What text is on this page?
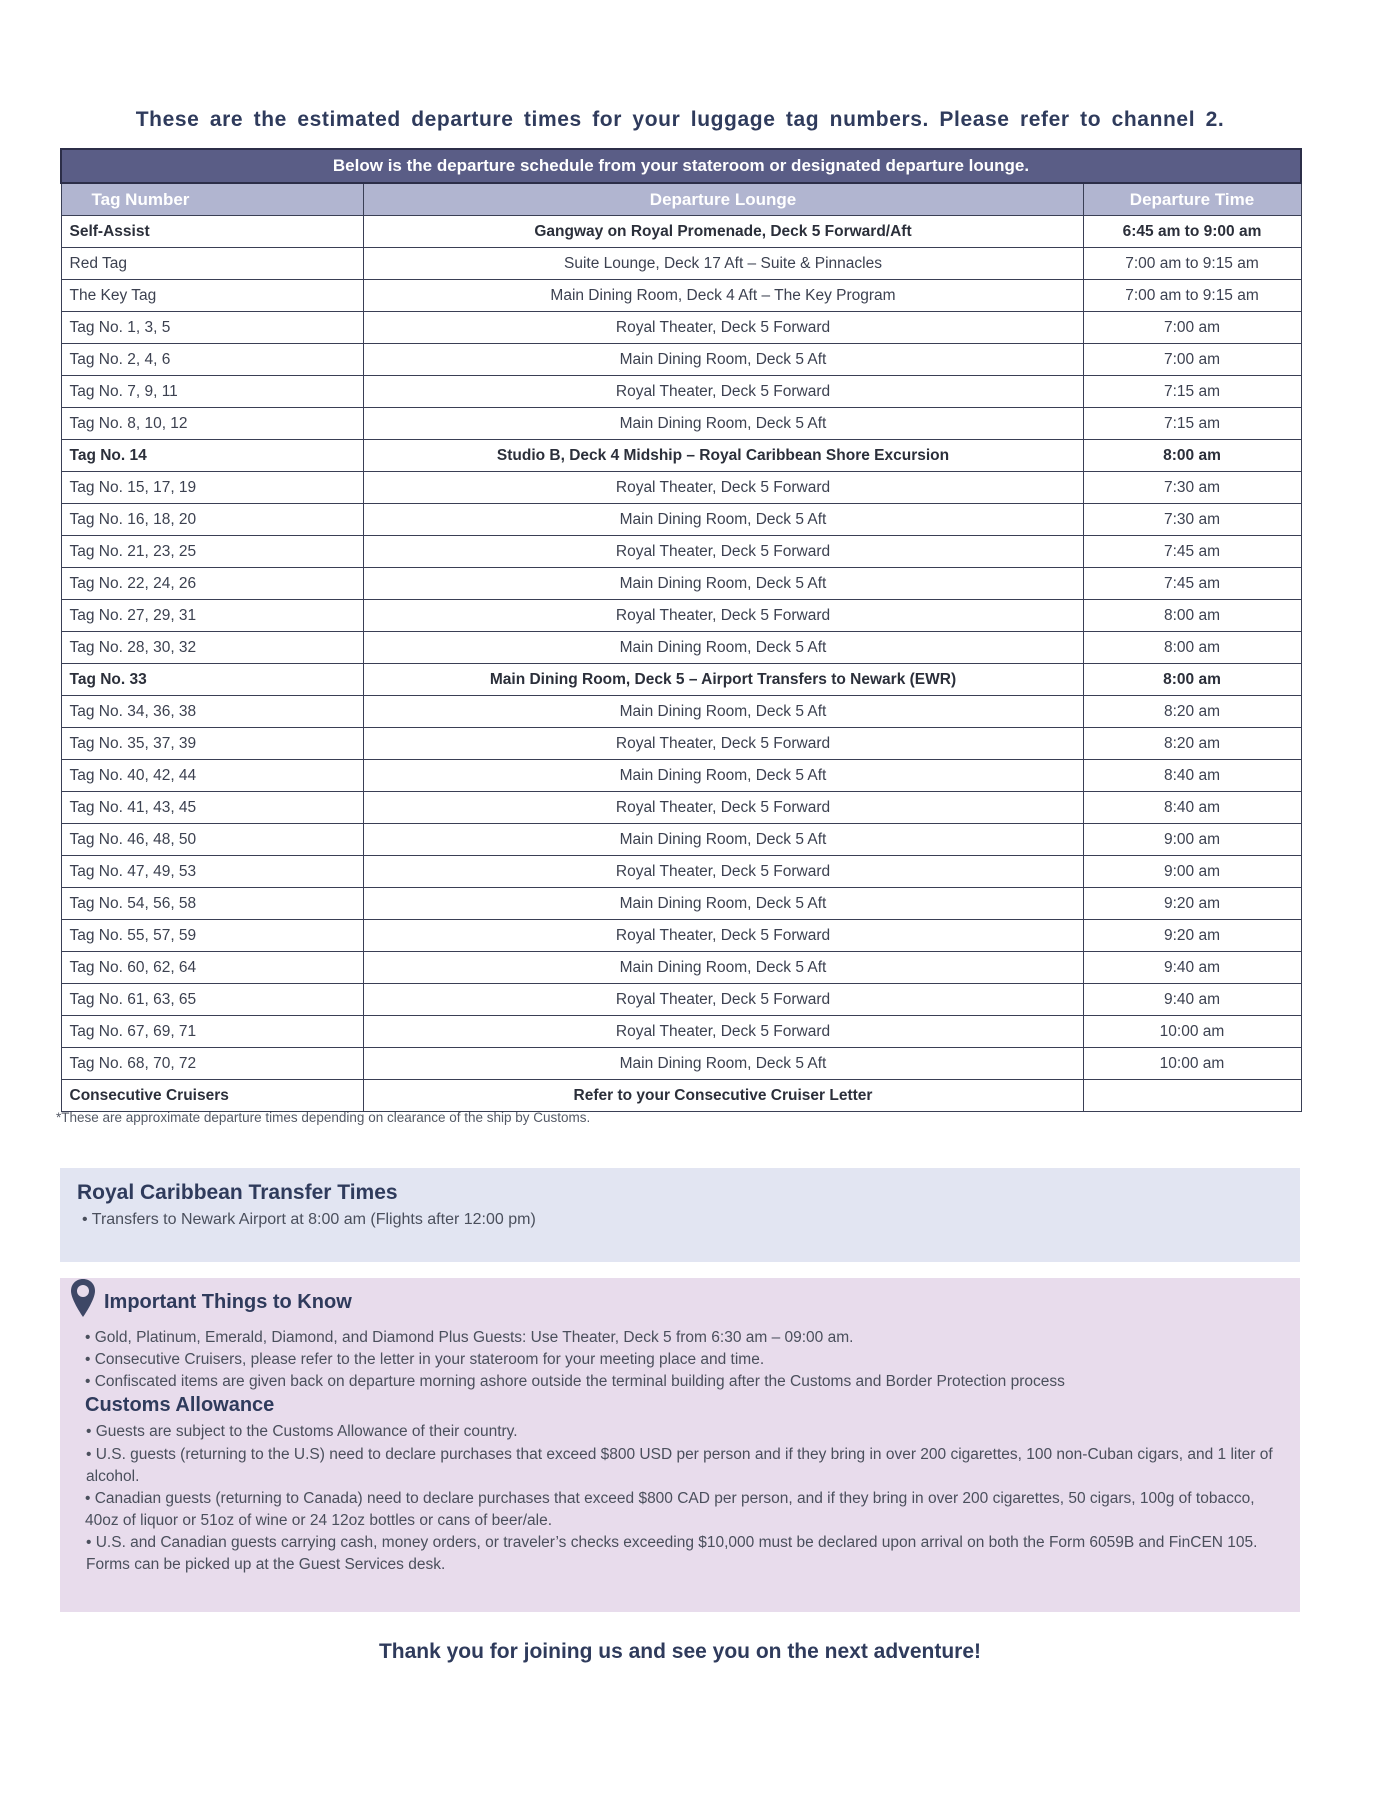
These are the estimated departure times for your luggage tag numbers. Please refer to channel 2.
Below is the departure schedule from your stateroom or designated departure lounge.		
Tag Number	Departure Lounge	Departure Time
Self-Assist	Gangway on Royal Promenade, Deck 5 Forward/Aft	6:45 am to 9:00 am
Red Tag	Suite Lounge, Deck 17 Aft – Suite & Pinnacles	7:00 am to 9:15 am
The Key Tag	Main Dining Room, Deck 4 Aft – The Key Program	7:00 am to 9:15 am
Tag No. 1, 3, 5	Royal Theater, Deck 5 Forward	7:00 am
Tag No. 2, 4, 6	Main Dining Room, Deck 5 Aft	7:00 am
Tag No. 7, 9, 11	Royal Theater, Deck 5 Forward	7:15 am
Tag No. 8, 10, 12	Main Dining Room, Deck 5 Aft	7:15 am
Tag No. 14	Studio B, Deck 4 Midship – Royal Caribbean Shore Excursion	8:00 am
Tag No. 15, 17, 19	Royal Theater, Deck 5 Forward	7:30 am
Tag No. 16, 18, 20	Main Dining Room, Deck 5 Aft	7:30 am
Tag No. 21, 23, 25	Royal Theater, Deck 5 Forward	7:45 am
Tag No. 22, 24, 26	Main Dining Room, Deck 5 Aft	7:45 am
Tag No. 27, 29, 31	Royal Theater, Deck 5 Forward	8:00 am
Tag No. 28, 30, 32	Main Dining Room, Deck 5 Aft	8:00 am
Tag No. 33	Main Dining Room, Deck 5 – Airport Transfers to Newark (EWR)	8:00 am
Tag No. 34, 36, 38	Main Dining Room, Deck 5 Aft	8:20 am
Tag No. 35, 37, 39	Royal Theater, Deck 5 Forward	8:20 am
Tag No. 40, 42, 44	Main Dining Room, Deck 5 Aft	8:40 am
Tag No. 41, 43, 45	Royal Theater, Deck 5 Forward	8:40 am
Tag No. 46, 48, 50	Main Dining Room, Deck 5 Aft	9:00 am
Tag No. 47, 49, 53	Royal Theater, Deck 5 Forward	9:00 am
Tag No. 54, 56, 58	Main Dining Room, Deck 5 Aft	9:20 am
Tag No. 55, 57, 59	Royal Theater, Deck 5 Forward	9:20 am
Tag No. 60, 62, 64	Main Dining Room, Deck 5 Aft	9:40 am
Tag No. 61, 63, 65	Royal Theater, Deck 5 Forward	9:40 am
Tag No. 67, 69, 71	Royal Theater, Deck 5 Forward	10:00 am
Tag No. 68, 70, 72	Main Dining Room, Deck 5 Aft	10:00 am
Consecutive Cruisers	Refer to your Consecutive Cruiser Letter	
*These are approximate departure times depending on clearance of the ship by Customs.
Royal Caribbean Transfer Times
• Transfers to Newark Airport at 8:00 am (Flights after 12:00 pm)
Important Things to Know
• Gold, Platinum, Emerald, Diamond, and Diamond Plus Guests: Use Theater, Deck 5 from 6:30 am – 09:00 am.
• Consecutive Cruisers, please refer to the letter in your stateroom for your meeting place and time.
• Confiscated items are given back on departure morning ashore outside the terminal building after the Customs and Border Protection process
Customs Allowance
• Guests are subject to the Customs Allowance of their country.
• U.S. guests (returning to the U.S) need to declare purchases that exceed $800 USD per person and if they bring in over 200 cigarettes, 100 non-Cuban cigars, and 1 liter of alcohol.
• Canadian guests (returning to Canada) need to declare purchases that exceed $800 CAD per person, and if they bring in over 200 cigarettes, 50 cigars, 100g of tobacco, 40oz of liquor or 51oz of wine or 24 12oz bottles or cans of beer/ale.
• U.S. and Canadian guests carrying cash, money orders, or traveler’s checks exceeding $10,000 must be declared upon arrival on both the Form 6059B and FinCEN 105. Forms can be picked up at the Guest Services desk.
Thank you for joining us and see you on the next adventure!
